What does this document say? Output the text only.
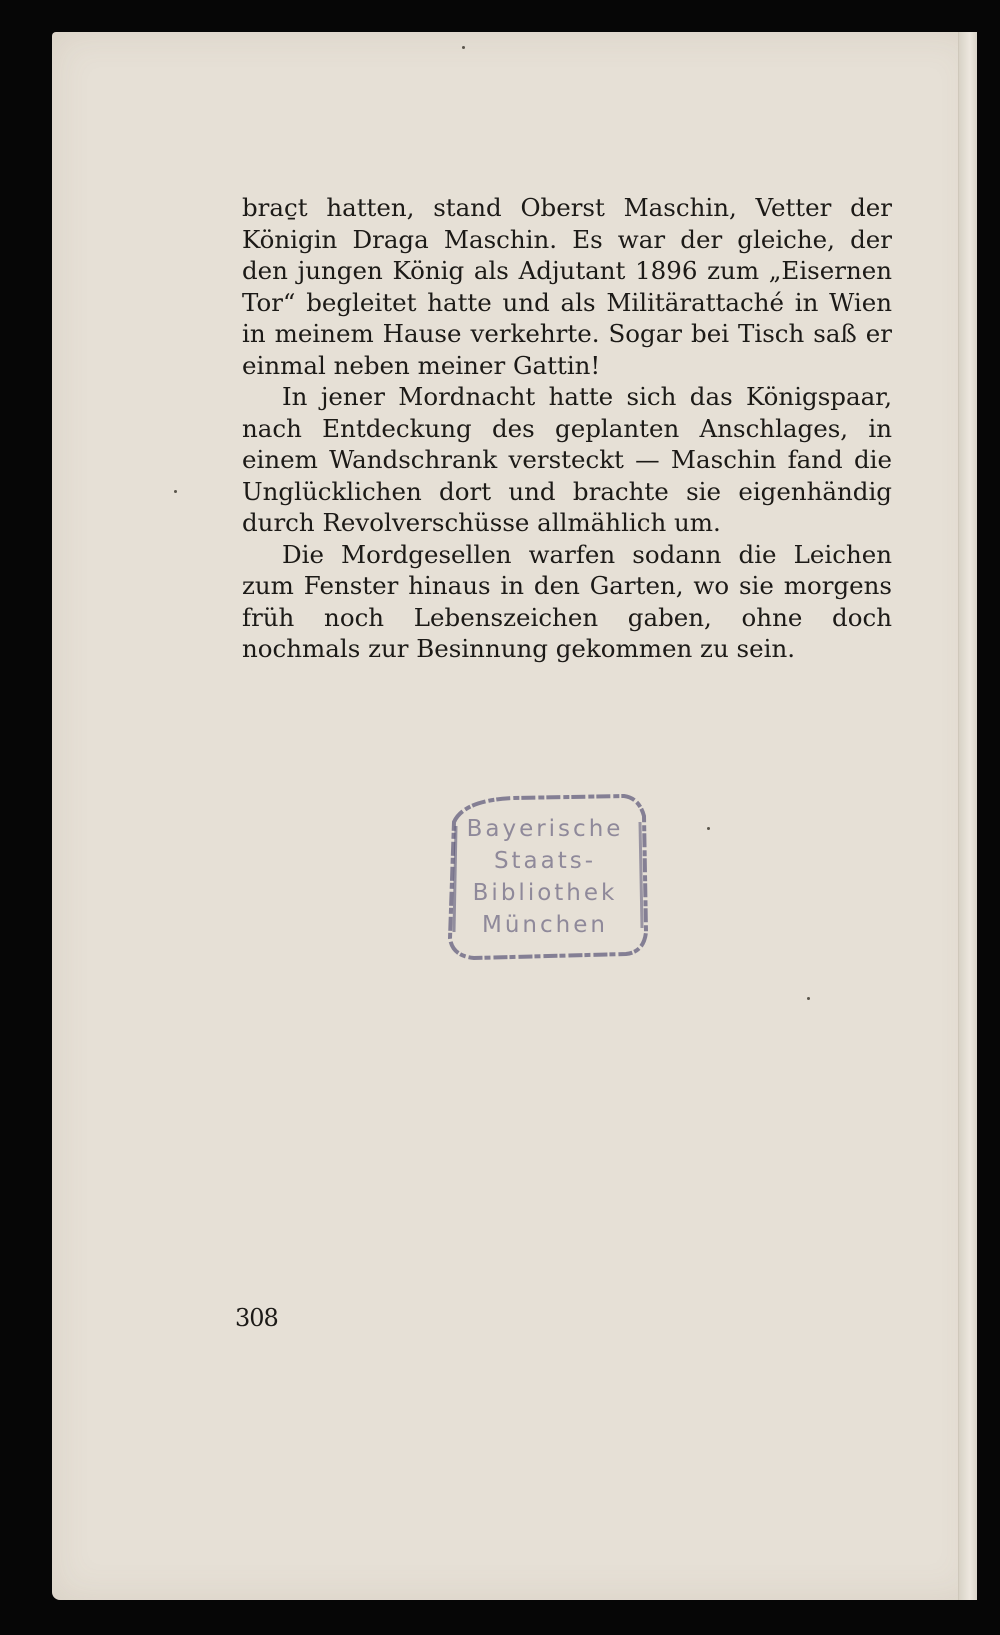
brac̱t hatten, stand Oberst Maschin, Vetter der Königin Draga Maschin. Es war der gleiche, der den jungen König als Adjutant 1896 zum „Eisernen Tor“ begleitet hatte und als Militärattaché in Wien in meinem Hause verkehrte. Sogar bei Tisch saß er einmal neben meiner Gattin!

In jener Mordnacht hatte sich das Königspaar, nach Entdeckung des geplanten Anschlages, in einem Wandschrank versteckt — Maschin fand die Unglücklichen dort und brachte sie eigenhändig durch Revolverschüsse allmählich um.

Die Mordgesellen warfen sodann die Leichen zum Fenster hinaus in den Garten, wo sie morgens früh noch Lebenszeichen gaben, ohne doch nochmals zur Besinnung gekommen zu sein.

Bayerische
Staats-
Bibliothek
München
308
